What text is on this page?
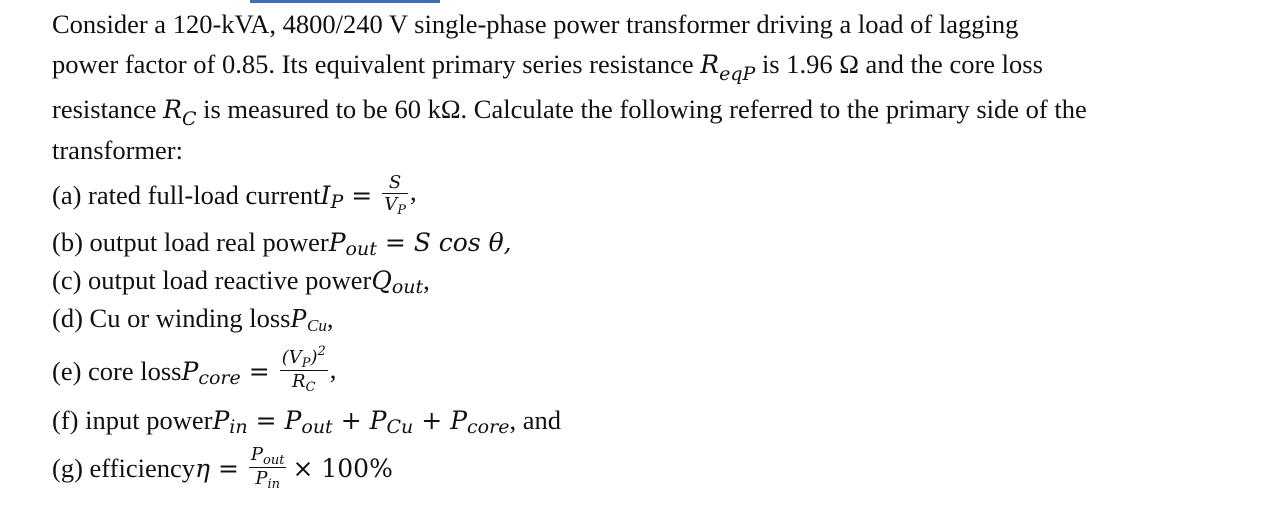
Consider a 120-kVA, 4800/240 V single-phase power transformer driving a load of lagging

power factor of 0.85. Its equivalent primary series resistance $R_{eqP}$ is 1.96 Ω and the core loss

resistance $R_C$ is measured to be 60 kΩ. Calculate the following referred to the primary side of the

transformer:

(a) rated full-load current I $P = \frac{S}{V_P}$ ,
(b) output load real power P out = S cos θ,
(c) output load reactive power Q out ,
(d) Cu or winding loss P Cu ,
(e) core loss P core = $\frac{(V_P)^2}{R_C}$ ,
(f) input power P in = P out + P Cu + P core , and
(g) efficiency $\eta = \frac{P_{out}}{P_{in}} \times 100\%$
